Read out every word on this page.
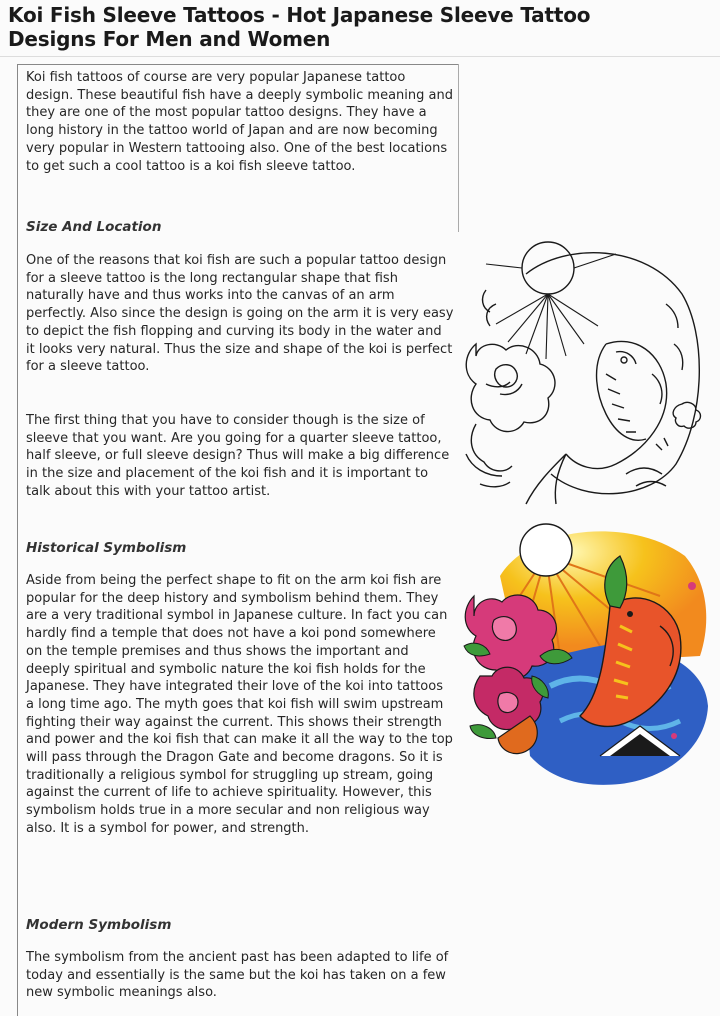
Koi Fish Sleeve Tattoos - Hot Japanese Sleeve Tattoo
Designs For Men and Women

Koi fish tattoos of course are very popular Japanese tattoo design. These beautiful fish have a deeply symbolic meaning and they are one of the most popular tattoo designs. They have a long history in the tattoo world of Japan and are now becoming very popular in Western tattooing also. One of the best locations to get such a cool tattoo is a koi fish sleeve tattoo.

Size And Location

One of the reasons that koi fish are such a popular tattoo design for a sleeve tattoo is the long rectangular shape that fish naturally have and thus works into the canvas of an arm perfectly. Also since the design is going on the arm it is very easy to depict the fish flopping and curving its body in the water and it looks very natural. Thus the size and shape of the koi is perfect for a sleeve tattoo.

The first thing that you have to consider though is the size of sleeve that you want. Are you going for a quarter sleeve tattoo, half sleeve, or full sleeve design? Thus will make a big difference in the size and placement of the koi fish and it is important to talk about this with your tattoo artist.

Historical Symbolism

Aside from being the perfect shape to fit on the arm koi fish are popular for the deep history and symbolism behind them. They are a very traditional symbol in Japanese culture. In fact you can hardly find a temple that does not have a koi pond somewhere on the temple premises and thus shows the important and deeply spiritual and symbolic nature the koi fish holds for the Japanese. They have integrated their love of the koi into tattoos a long time ago. The myth goes that koi fish will swim upstream fighting their way against the current. This shows their strength and power and the koi fish that can make it all the way to the top will pass through the Dragon Gate and become dragons. So it is traditionally a religious symbol for struggling up stream, going against the current of life to achieve spirituality. However, this symbolism holds true in a more secular and non religious way also. It is a symbol for power, and strength.

Modern Symbolism

The symbolism from the ancient past has been adapted to life of today and essentially is the same but the koi has taken on a few new symbolic meanings also.
